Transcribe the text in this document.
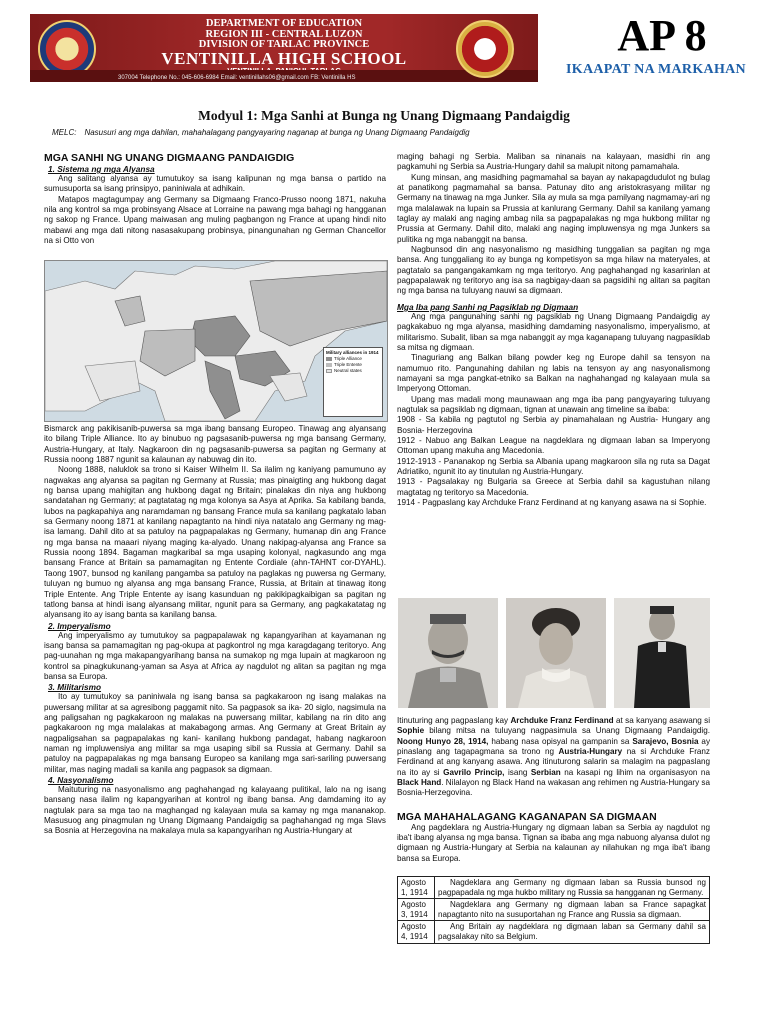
DEPARTMENT OF EDUCATION
REGION III - CENTRAL LUZON
DIVISION OF TARLAC PROVINCE
VENTINILLA HIGH SCHOOL
307004 Telephone No.: 045-606-6984 Email: ventinillahs06@gmail.com FB: Ventinilla HS
AP 8
IKAAPAT NA MARKAHAN
Modyul 1: Mga Sanhi at Bunga ng Unang Digmaang Pandaigdig
MELC: Nasusuri ang mga dahilan, mahahalagang pangyayaring naganap at bunga ng Unang Digmaang Pandaigdig
MGA SANHI NG UNANG DIGMAANG PANDAIGDIG
1. Sistema ng mga Alyansa

Ang salitang alyansa ay tumutukoy sa isang kalipunan ng mga bansa o partido na sumusuporta sa isang prinsipyo, paniniwala at adhikain.

Matapos magtagumpay ang Germany sa Digmaang Franco-Prusso noong 1871, nakuha nila ang kontrol sa mga probinsyang Alsace at Lorraine na pawang mga bahagi ng hangganan ng sakop ng France. Upang maiwasan ang muling pagbangon ng France at upang hindi nito mabawi ang mga dati nitong nasasakupang probinsya, pinangunahan ng German Chancellor na si Otto von

Military alliances in 1914
Triple Alliance
Triple Entente
Neutral states

Bismarck ang pakikisanib-puwersa sa mga ibang bansang Europeo. Tinawag ang alyansang ito bilang Triple Alliance. Ito ay binubuo ng pagsasanib-puwersa ng mga bansang Germany, Austria-Hungary, at Italy. Nagkaroon din ng pagsasanib-puwersa sa pagitan ng Germany at Russia noong 1887 ngunit sa kalaunan ay nabuwag din ito.

Noong 1888, naluklok sa trono si Kaiser Wilhelm II. Sa ilalim ng kaniyang pamumuno ay nagwakas ang alyansa sa pagitan ng Germany at Russia; mas pinaigting ang hukbong dagat ng bansa upang mahigitan ang hukbong dagat ng Britain; pinalakas din niya ang hukbong sandatahan ng Germany; at pagtatatag ng mga kolonya sa Asya at Aprika. Sa kabilang banda, lubos na pagkapahiya ang naramdaman ng bansang France mula sa kanilang pagkatalo laban sa Germany noong 1871 at kanilang napagtanto na hindi niya natatalo ang Germany ng mag- isa lamang. Dahil dito at sa patuloy na pagpapalakas ng Germany, humanap din ang France ng mga bansa na maaari niyang maging ka-alyado. Unang nakipag-alyansa ang France sa Russia noong 1894. Bagaman magkaribal sa mga usaping kolonyal, nagkasundo ang mga bansang France at Britain sa pamamagitan ng Entente Cordiale (ahn-TAHNT cor-DYAHL). Taong 1907, bunsod ng kanilang pangamba sa patuloy na paglakas ng puwersa ng Germany, tuluyan ng bumuo ng alyansa ang mga bansang France, Russia, at Britain at tinawag itong Triple Entente. Ang Triple Entente ay isang kasunduan ng pakikipagkaibigan sa pagitan ng tatlong bansa at hindi isang alyansang militar, ngunit para sa Germany, ang pagkakatatag ng alyansang ito ay isang banta sa kanilang bansa.

2. Imperyalismo

Ang imperyalismo ay tumutukoy sa pagpapalawak ng kapangyarihan at kayamanan ng isang bansa sa pamamagitan ng pag-okupa at pagkontrol ng mga karagdagang teritoryo. Ang pag-uunahan ng mga makapangyarihang bansa na sumakop ng mga lupain at magkaroon ng kontrol sa pinagkukunang-yaman sa Asya at Africa ay nagdulot ng alitan sa pagitan ng mga bansa sa Europa.

3. Militarismo

Ito ay tumutukoy sa paniniwala ng isang bansa sa pagkakaroon ng isang malakas na puwersang militar at sa agresibong paggamit nito. Sa pagpasok sa ika- 20 siglo, nagsimula na ang paligsahan ng pagkakaroon ng malakas na puwersang militar, kabilang na rin dito ang pagkakaroon ng mga malalakas at makabagong armas. Ang Germany at Great Britain ay nagpaligsahan sa pagpapalakas ng kani- kanilang hukbong pandagat, habang nagkaroon naman ng impluwensiya ang militar sa mga usaping sibil sa Russia at Germany. Dahil sa patuloy na pagpapalakas ng mga bansang Europeo sa kanilang mga sari-sariling puwersang militar, mas naging madali sa kanila ang pagpasok sa digmaan.

4. Nasyonalismo

Maituturing na nasyonalismo ang paghahangad ng kalayaang pulitikal, lalo na ng isang bansang nasa ilalim ng kapangyarihan at kontrol ng ibang bansa. Ang damdaming ito ay nagtulak para sa mga tao na maghangad ng kalayaan mula sa kamay ng mga mananakop. Masusuog ang pinagmulan ng Unang Digmaang Pandaigdig sa paghahangad ng mga Slavs sa Bosnia at Herzegovina na makalaya mula sa kapangyarihan ng Austria-Hungary at

maging bahagi ng Serbia. Maliban sa ninanais na kalayaan, masidhi rin ang pagkamuhi ng Serbia sa Austria-Hungary dahil sa malupit nitong pamamahala.

Kung minsan, ang masidhing pagmamahal sa bayan ay nakapagdudulot ng bulag at panatikong pagmamahal sa bansa. Patunay dito ang aristokrasyang militar ng Germany na tinawag na mga Junker. Sila ay mula sa mga pamilyang nagmamay-ari ng mga malalawak na lupain sa Prussia at kanlurang Germany. Dahil sa kanilang yamang taglay ay malaki ang naging ambag nila sa pagpapalakas ng mga hukbong militar ng Prussia at Germany. Dahil dito, malaki ang naging impluwensya ng mga Junkers sa pulitika ng mga nabanggit na bansa.

Nagbunsod din ang nasyonalismo ng masidhing tunggalian sa pagitan ng mga bansa. Ang tunggaliang ito ay bunga ng kompetisyon sa mga hilaw na materyales, at pagtatalo sa pangangakamkam ng mga teritoryo. Ang paghahangad ng kasarinlan at pagpapalawak ng teritoryo ang isa sa nagbigay-daan sa pagsidihi ng alitan sa pagitan ng mga bansa na tuluyang nauwi sa digmaan.

Mga Iba pang Sanhi ng Pagsiklab ng Digmaan

Ang mga pangunahing sanhi ng pagsiklab ng Unang Digmaang Pandaigdig ay pagkakabuo ng mga alyansa, masidhing damdaming nasyonalismo, imperyalismo, at militarismo. Subalit, liban sa mga nabanggit ay mga kaganapang tuluyang nagpasiklab sa mitsa ng digmaan.

Tinaguriang ang Balkan bilang powder keg ng Europe dahil sa tensyon na namumuo rito. Pangunahing dahilan ng labis na tensyon ay ang nasyonalismong namayani sa mga pangkat-etniko sa Balkan na naghahangad ng kalayaan mula sa Imperyong Ottoman.

Upang mas madali mong maunawaan ang mga iba pang pangyayaring tuluyang nagtulak sa pagsiklab ng digmaan, tignan at unawain ang timeline sa ibaba:

1908 - Sa kabila ng pagtutol ng Serbia ay pinamahalaan ng Austria- Hungary ang Bosnia- Herzegovina

1912 - Nabuo ang Balkan League na nagdeklara ng digmaan laban sa Imperyong Ottoman upang makuha ang Macedonia.

1912-1913 - Pananakop ng Serbia sa Albania upang magkaroon sila ng ruta sa Dagat Adriatiko, ngunit ito ay tinutulan ng Austria-Hungary.

1913 - Pagsalakay ng Bulgaria sa Greece at Serbia dahil sa kagustuhan nilang magtatag ng teritoryo sa Macedonia.

1914 - Pagpaslang kay Archduke Franz Ferdinand at ng kanyang asawa na si Sophie.

Itinuturing ang pagpaslang kay Archduke Franz Ferdinand at sa kanyang asawang si Sophie bilang mitsa na tuluyang nagpasimula sa Unang Digmaang Pandaigdig. Noong Hunyo 28, 1914, habang nasa opisyal na gampanin sa Sarajevo, Bosnia ay pinaslang ang tagapagmana sa trono ng Austria-Hungary na si Archduke Franz Ferdinand at ang kanyang asawa. Ang itinuturong salarin sa malagim na pagpaslang na ito ay si Gavrilo Princip, isang Serbian na kasapi ng lihim na organisasyon na Black Hand. Nilalayon ng Black Hand na wakasan ang rehimen ng Austria-Hungary sa Bosnia-Herzegovina.

MGA MAHAHALAGANG KAGANAPAN SA DIGMAAN

Ang pagdeklara ng Austria-Hungary ng digmaan laban sa Serbia ay nagdulot ng iba't ibang alyansa ng mga bansa. Tignan sa ibaba ang mga nabuong alyansa dulot ng digmaan ng Austria-Hungary at Serbia na kalaunan ay nilahukan ng mga iba't ibang bansa sa Europa.

Agosto 1, 1914	Nagdeklara ang Germany ng digmaan laban sa Russia bunsod ng pagpapadala ng mga hukbo military ng Russia sa hangganan ng Germany.
Agosto 3, 1914	Nagdeklara ang Germany ng digmaan laban sa France sapagkat napagtanto nito na susuportahan ng France ang Russia sa digmaan.
Agosto 4, 1914	Ang Britain ay nagdeklara ng digmaan laban sa Germany dahil sa pagsalakay nito sa Belgium.
